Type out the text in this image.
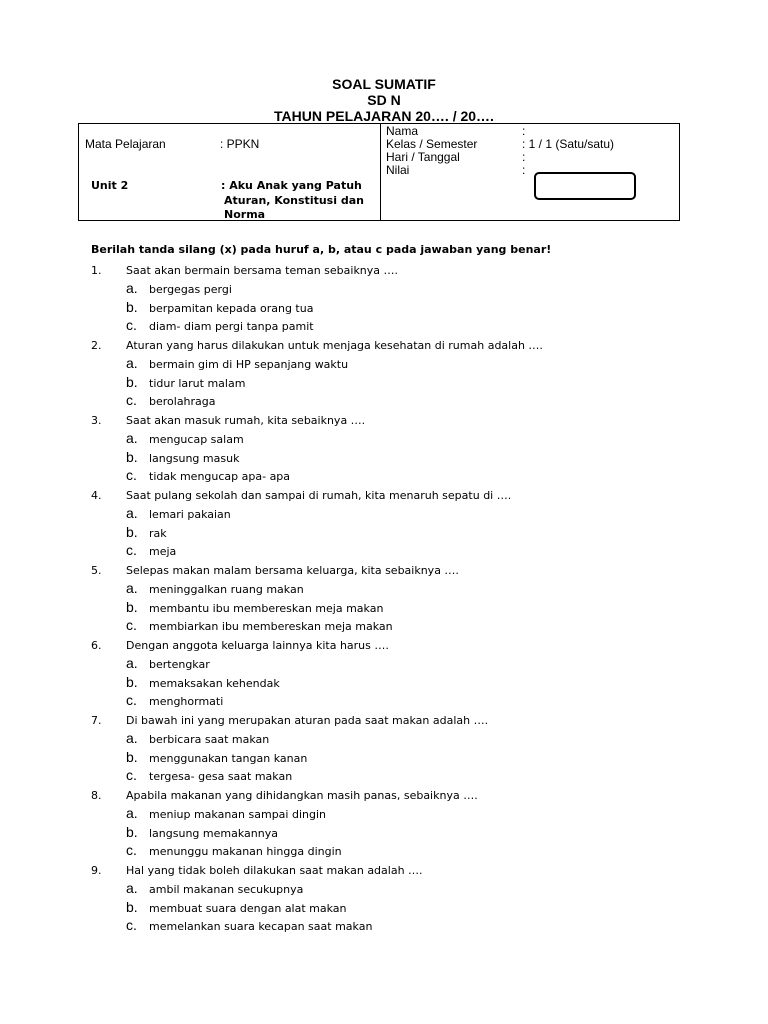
SOAL SUMATIF
SD N
TAHUN PELAJARAN 20…. / 20….
Mata Pelajaran	: PPKN
Unit 2	: Aku Anak yang Patuh
Aturan, Konstitusi dan
Norma
Nama	:
Kelas / Semester	: 1 / 1 (Satu/satu)
Hari / Tanggal	:
Nilai	:
Berilah tanda silang (x) pada huruf a, b, atau c pada jawaban yang benar!
1. Saat akan bermain bersama teman sebaiknya ….
a. bergegas pergi
b. berpamitan kepada orang tua
c. diam- diam pergi tanpa pamit
2. Aturan yang harus dilakukan untuk menjaga kesehatan di rumah adalah ….
a. bermain gim di HP sepanjang waktu
b. tidur larut malam
c. berolahraga
3. Saat akan masuk rumah, kita sebaiknya ….
a. mengucap salam
b. langsung masuk
c. tidak mengucap apa- apa
4. Saat pulang sekolah dan sampai di rumah, kita menaruh sepatu di ….
a. lemari pakaian
b. rak
c. meja
5. Selepas makan malam bersama keluarga, kita sebaiknya ….
a. meninggalkan ruang makan
b. membantu ibu membereskan meja makan
c. membiarkan ibu membereskan meja makan
6. Dengan anggota keluarga lainnya kita harus ….
a. bertengkar
b. memaksakan kehendak
c. menghormati
7. Di bawah ini yang merupakan aturan pada saat makan adalah ….
a. berbicara saat makan
b. menggunakan tangan kanan
c. tergesa- gesa saat makan
8. Apabila makanan yang dihidangkan masih panas, sebaiknya ….
a. meniup makanan sampai dingin
b. langsung memakannya
c. menunggu makanan hingga dingin
9. Hal yang tidak boleh dilakukan saat makan adalah ….
a. ambil makanan secukupnya
b. membuat suara dengan alat makan
c. memelankan suara kecapan saat makan
